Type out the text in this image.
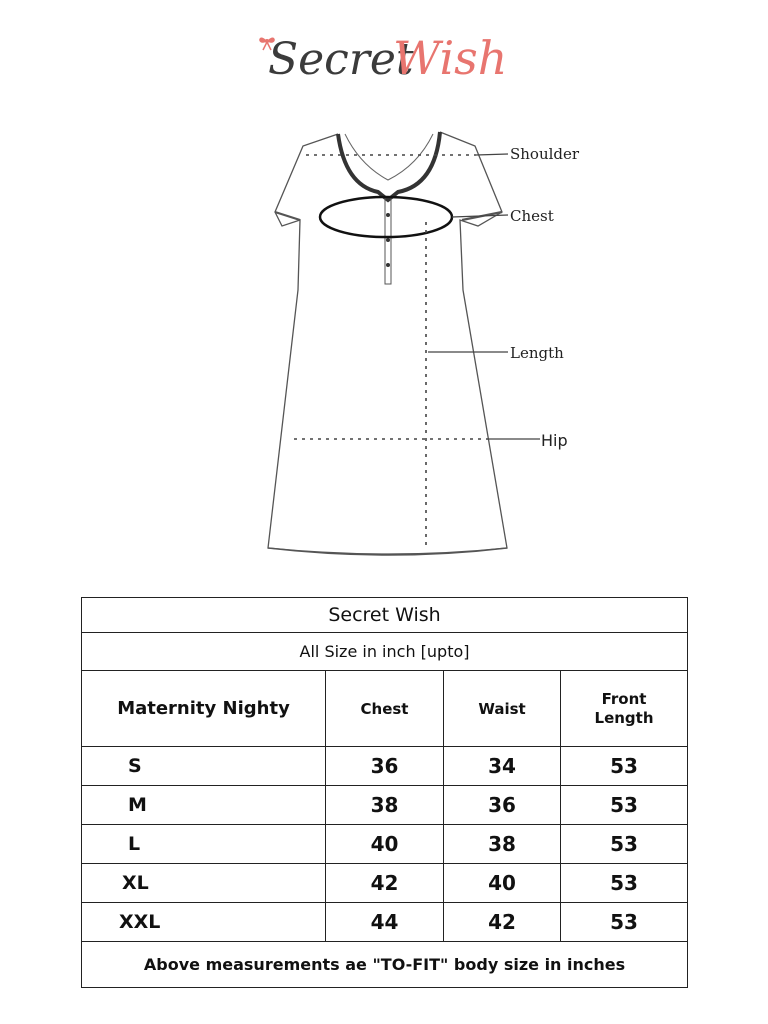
Secret
Wish
Shoulder
Chest
Length
Hip
Secret Wish			
All Size in inch [upto]			
Maternity Nighty	Chest	Waist	Front
Length
S	36	34	53
M	38	36	53
L	40	38	53
XL	42	40	53
XXL	44	42	53
Above measurements ae "TO-FIT" body size in inches			
